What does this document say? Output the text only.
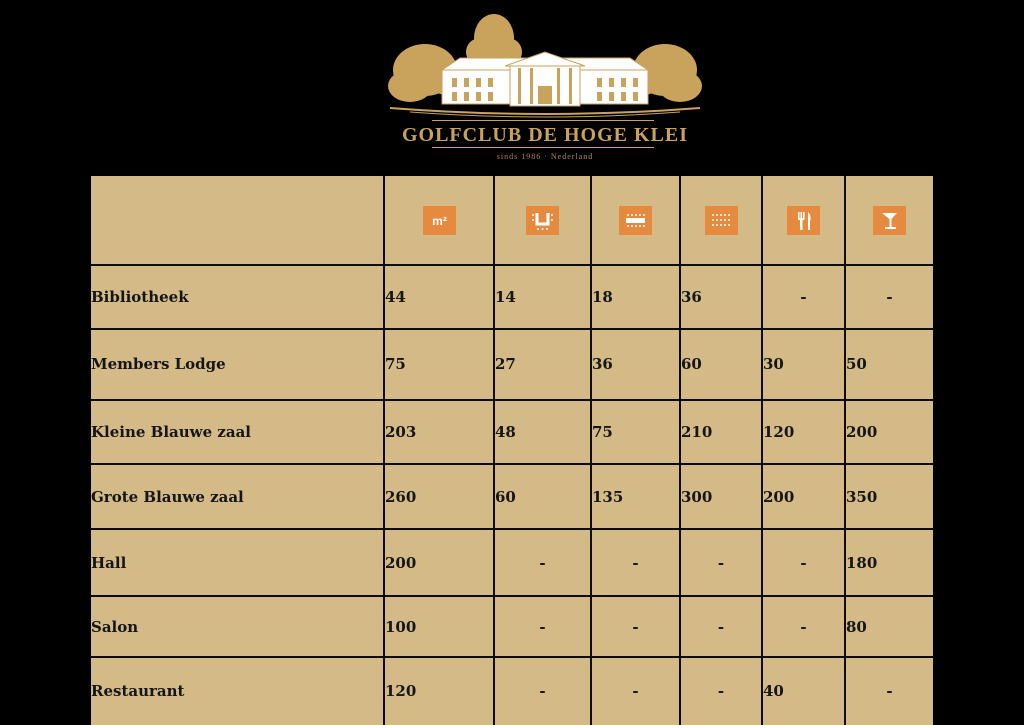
GOLFCLUB DE HOGE KLEI
sinds 1986 · Nederland

m²

Bibliotheek	44	14	18	36	-	-
Members Lodge	75	27	36	60	30	50
Kleine Blauwe zaal	203	48	75	210	120	200
Grote Blauwe zaal	260	60	135	300	200	350
Hall	200	-	-	-	-	180
Salon	100	-	-	-	-	80
Restaurant	120	-	-	-	40	-
